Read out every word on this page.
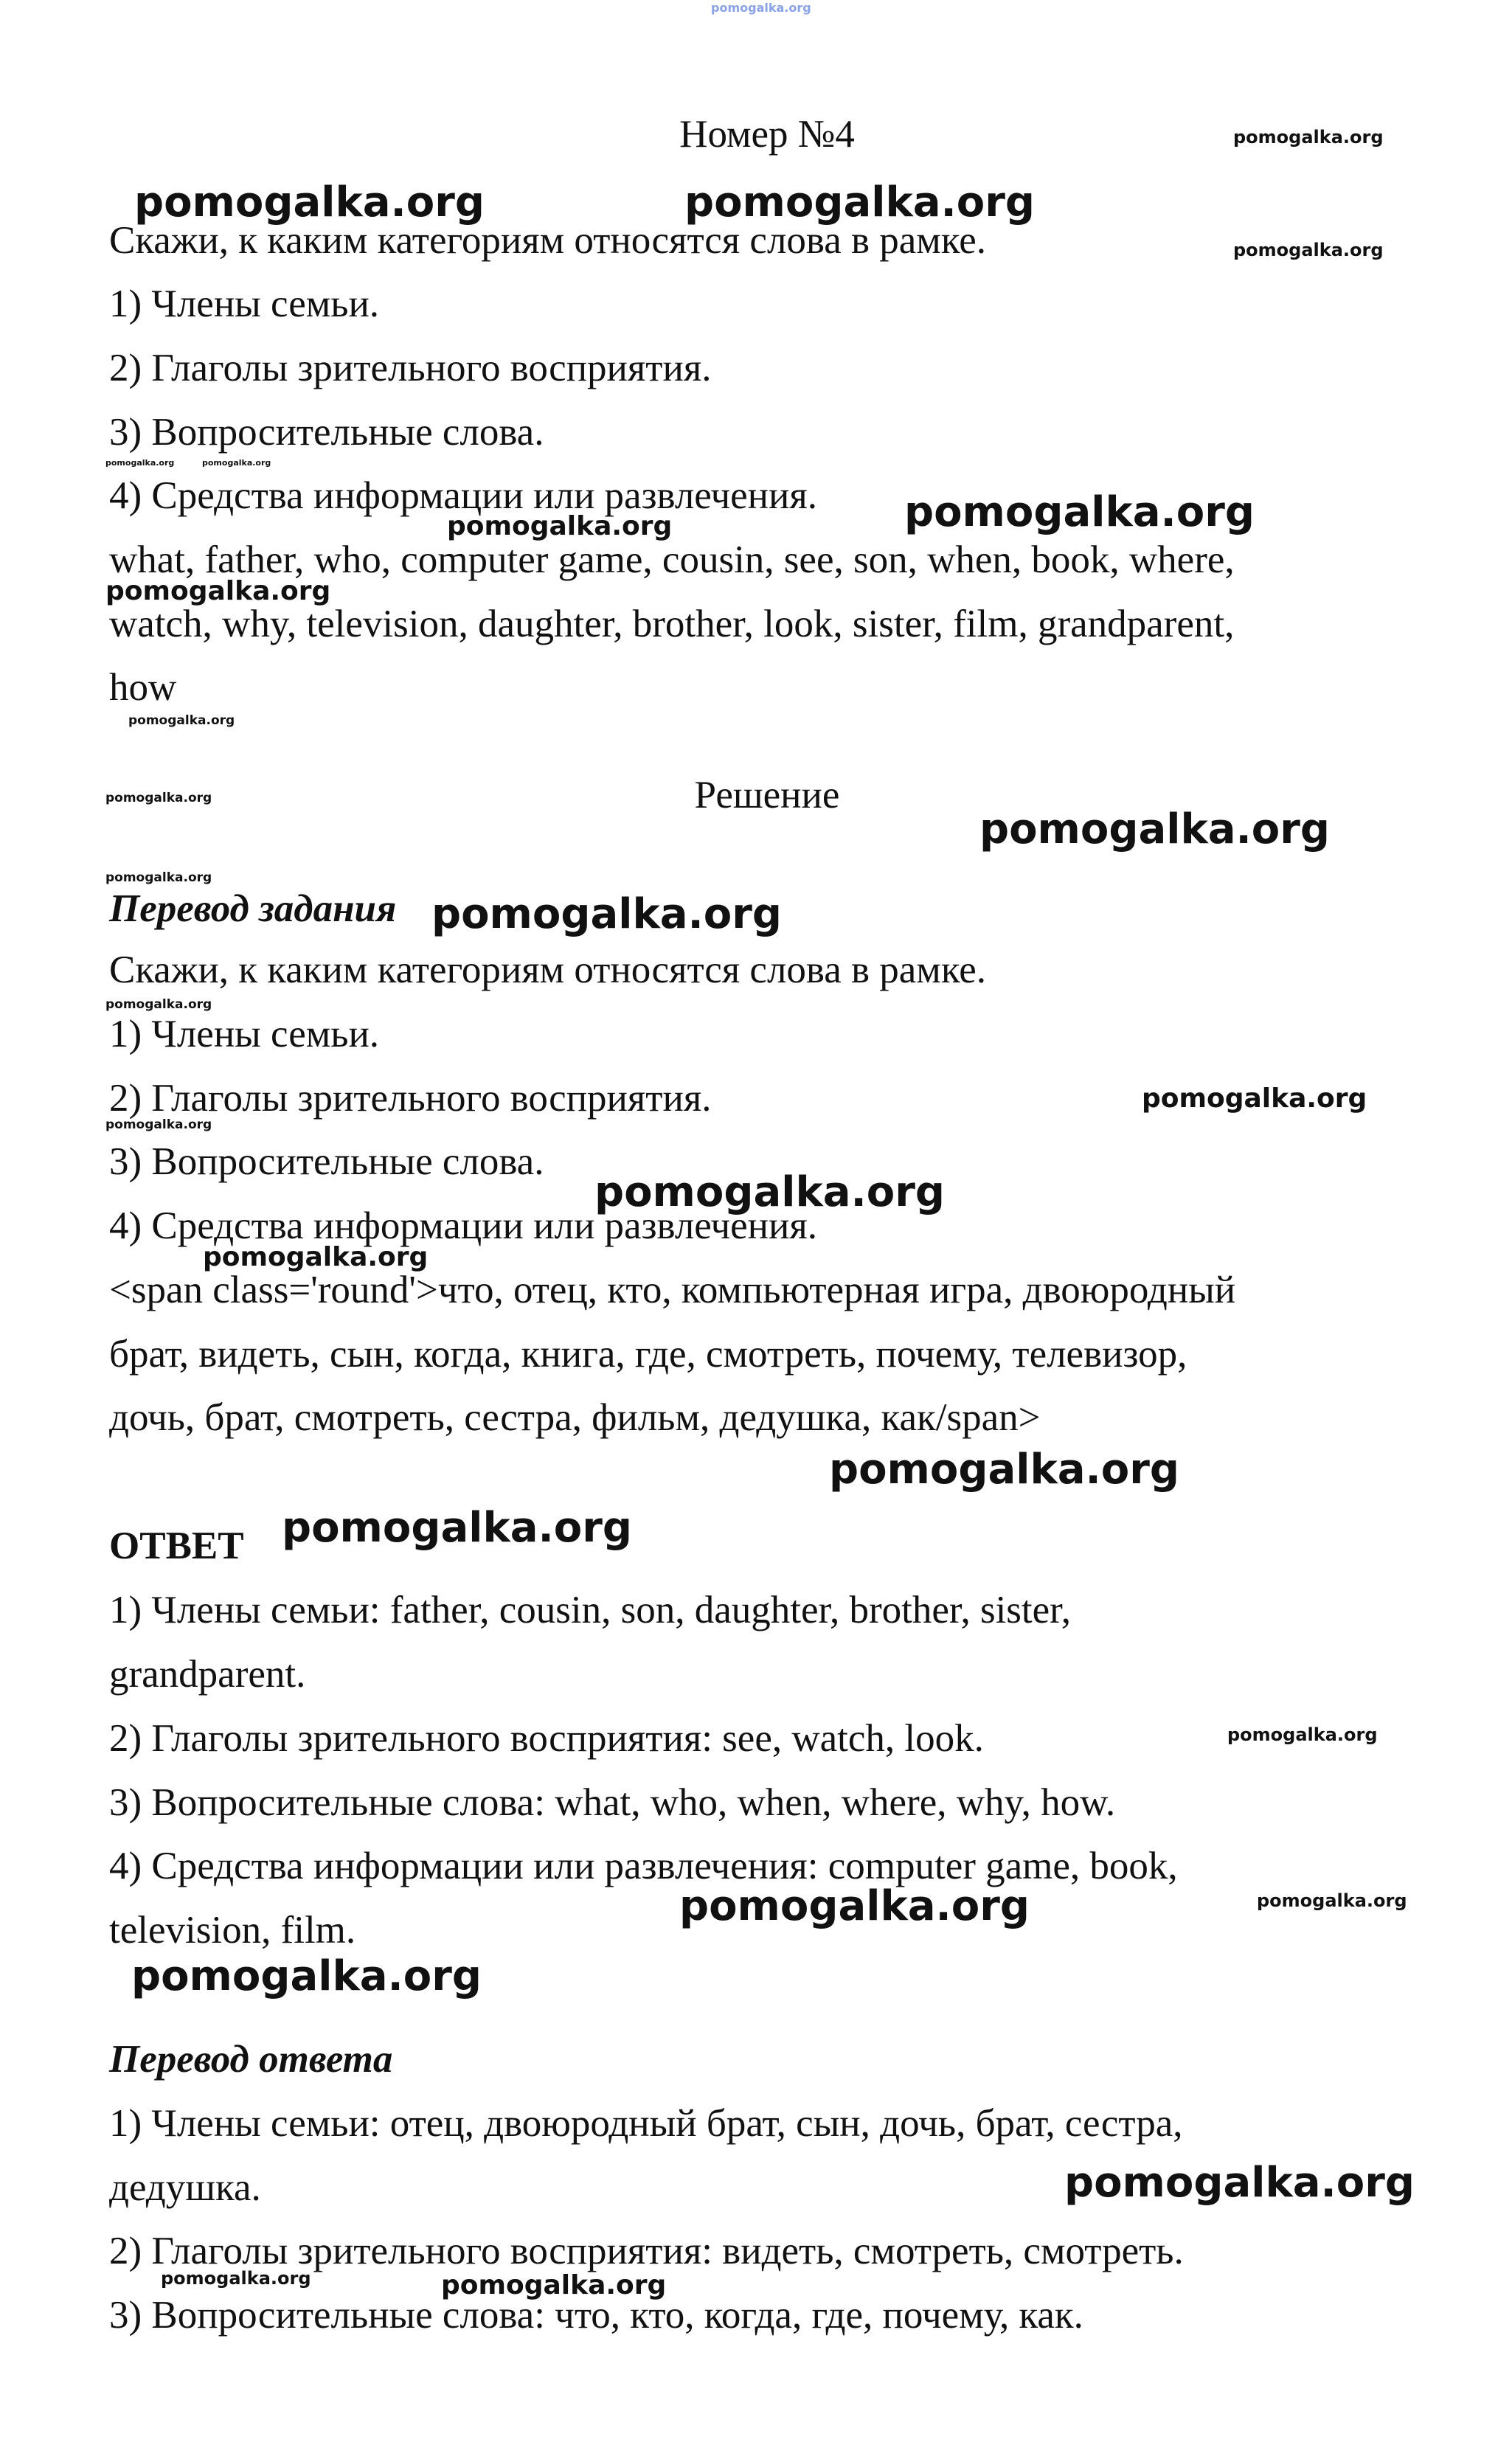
Номер №4
Скажи, к каким категориям относятся слова в рамке.
1) Члены семьи.
2) Глаголы зрительного восприятия.
3) Вопросительные слова.
4) Средства информации или развлечения.
what, father, who, computer game, cousin, see, son, when, book, where,
watch, why, television, daughter, brother, look, sister, film, grandparent,
how
Решение
Перевод задания
Скажи, к каким категориям относятся слова в рамке.
1) Члены семьи.
2) Глаголы зрительного восприятия.
3) Вопросительные слова.
4) Средства информации или развлечения.
<span class='round'>что, отец, кто, компьютерная игра, двоюродный
брат, видеть, сын, когда, книга, где, смотреть, почему, телевизор,
дочь, брат, смотреть, сестра, фильм, дедушка, как/span>
ОТВЕТ
1) Члены семьи: father, cousin, son, daughter, brother, sister,
grandparent.
2) Глаголы зрительного восприятия: see, watch, look.
3) Вопросительные слова: what, who, when, where, why, how.
4) Средства информации или развлечения: computer game, book,
television, film.
Перевод ответа
1) Члены семьи: отец, двоюродный брат, сын, дочь, брат, сестра,
дедушка.
2) Глаголы зрительного восприятия: видеть, смотреть, смотреть.
3) Вопросительные слова: что, кто, когда, где, почему, как.
pomogalka.org
pomogalka.org
pomogalka.org	pomogalka.org
pomogalka.org
pomogalka.org	pomogalka.org
pomogalka.org
pomogalka.org
pomogalka.org
pomogalka.org
pomogalka.org
pomogalka.org
pomogalka.org
pomogalka.org
pomogalka.org
pomogalka.org
pomogalka.org
pomogalka.org
pomogalka.org
pomogalka.org
pomogalka.org
pomogalka.org
pomogalka.org	pomogalka.org
pomogalka.org
pomogalka.org
pomogalka.org	pomogalka.org
